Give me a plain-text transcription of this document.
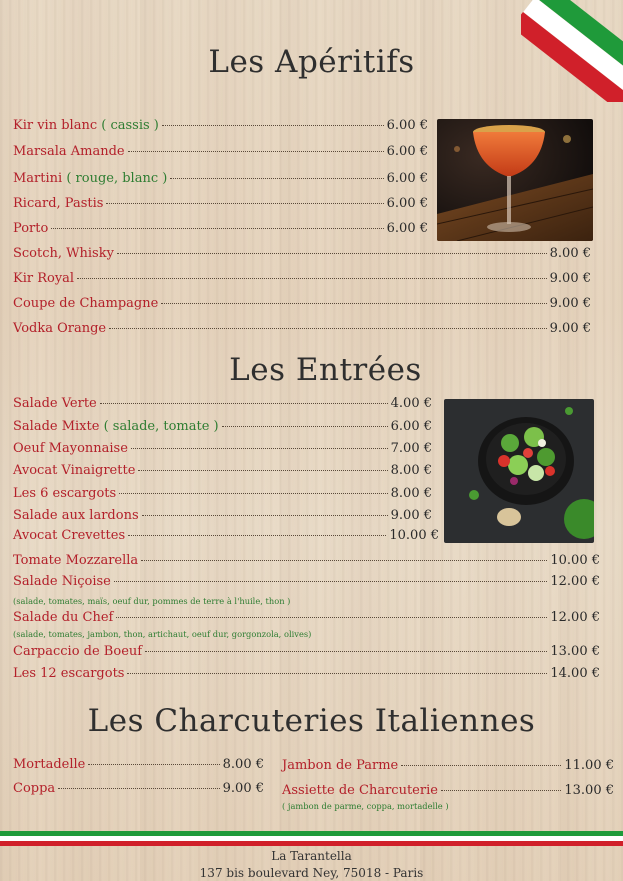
Les Apéritifs
Les Entrées
Les Charcuteries Italiennes
Kir vin blanc ( cassis )	6.00 €
Marsala Amande	6.00 €
Martini ( rouge, blanc )	6.00 €
Ricard, Pastis	6.00 €
Porto	6.00 €
Scotch, Whisky	8.00 €
Kir Royal	9.00 €
Coupe de Champagne	9.00 €
Vodka Orange	9.00 €
Salade Verte	4.00 €
Salade Mixte ( salade, tomate )	6.00 €
Oeuf Mayonnaise	7.00 €
Avocat Vinaigrette	8.00 €
Les 6 escargots	8.00 €
Salade aux lardons	9.00 €
Avocat Crevettes	10.00 €
Tomate Mozzarella	10.00 €
Salade Niçoise	12.00 €
(salade, tomates, maïs, oeuf dur, pommes de terre à l'huile, thon )
Salade du Chef	12.00 €
(salade, tomates, jambon, thon, artichaut, oeuf dur, gorgonzola, olives)
Carpaccio de Boeuf	13.00 €
Les 12 escargots	14.00 €
Mortadelle	8.00 €
Coppa	9.00 €
Jambon de Parme	11.00 €
Assiette de Charcuterie	13.00 €
( jambon de parme, coppa, mortadelle )
La Tarantella
137 bis boulevard Ney, 75018 - Paris
